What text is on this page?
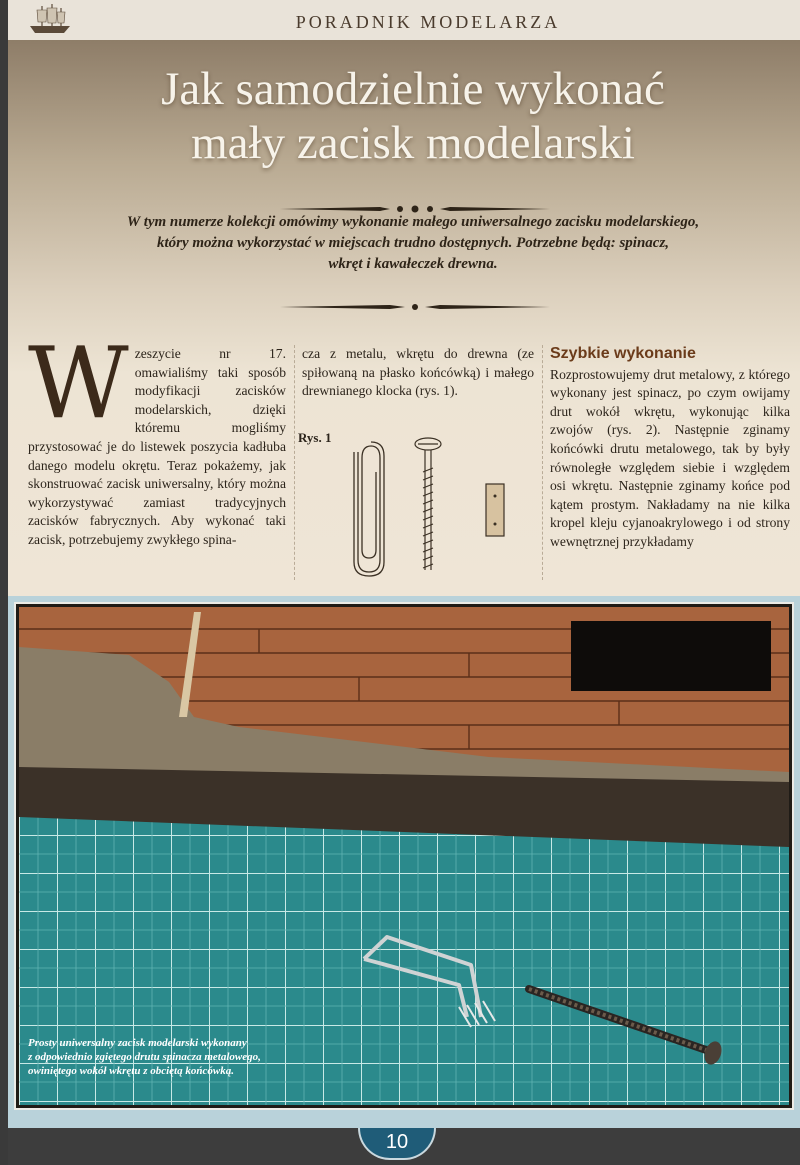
PORADNIK MODELARZA
Jak samodzielnie wykonać
mały zacisk modelarski
W tym numerze kolekcji omówimy wykonanie małego uniwersalnego zacisku modelarskiego,
który można wykorzystać w miejscach trudno dostępnych. Potrzebne będą: spinacz,
wkręt i kawałeczek drewna.
W zeszycie nr 17. omawialiśmy taki sposób modyfikacji zacisków modelarskich, dzięki któremu mogliśmy przystosować je do listewek poszycia kadłuba danego modelu okrętu. Teraz pokażemy, jak skonstruować zacisk uniwersalny, który można wykorzystywać zamiast tradycyjnych zacisków fabrycznych. Aby wykonać taki zacisk, potrzebujemy zwykłego spina-
cza z metalu, wkrętu do drewna (ze spiłowaną na płasko końcówką) i małego drewnianego klocka (rys. 1).
Rys. 1
Szybkie wykonanie
Rozprostowujemy drut metalowy, z którego wykonany jest spinacz, po czym owijamy drut wokół wkrętu, wykonując kilka zwojów (rys. 2). Następnie zginamy końcówki drutu metalowego, tak by były równoległe względem siebie i względem osi wkrętu. Następnie zginamy końce pod kątem prostym. Nakładamy na nie kilka kropel kleju cyjanoakrylowego i od strony wewnętrznej przykładamy

Prosty uniwersalny zacisk modelarski wykonany

z odpowiednio zgiętego drutu spinacza metalowego,

owiniętego wokół wkrętu z obciętą końcówką.

10
